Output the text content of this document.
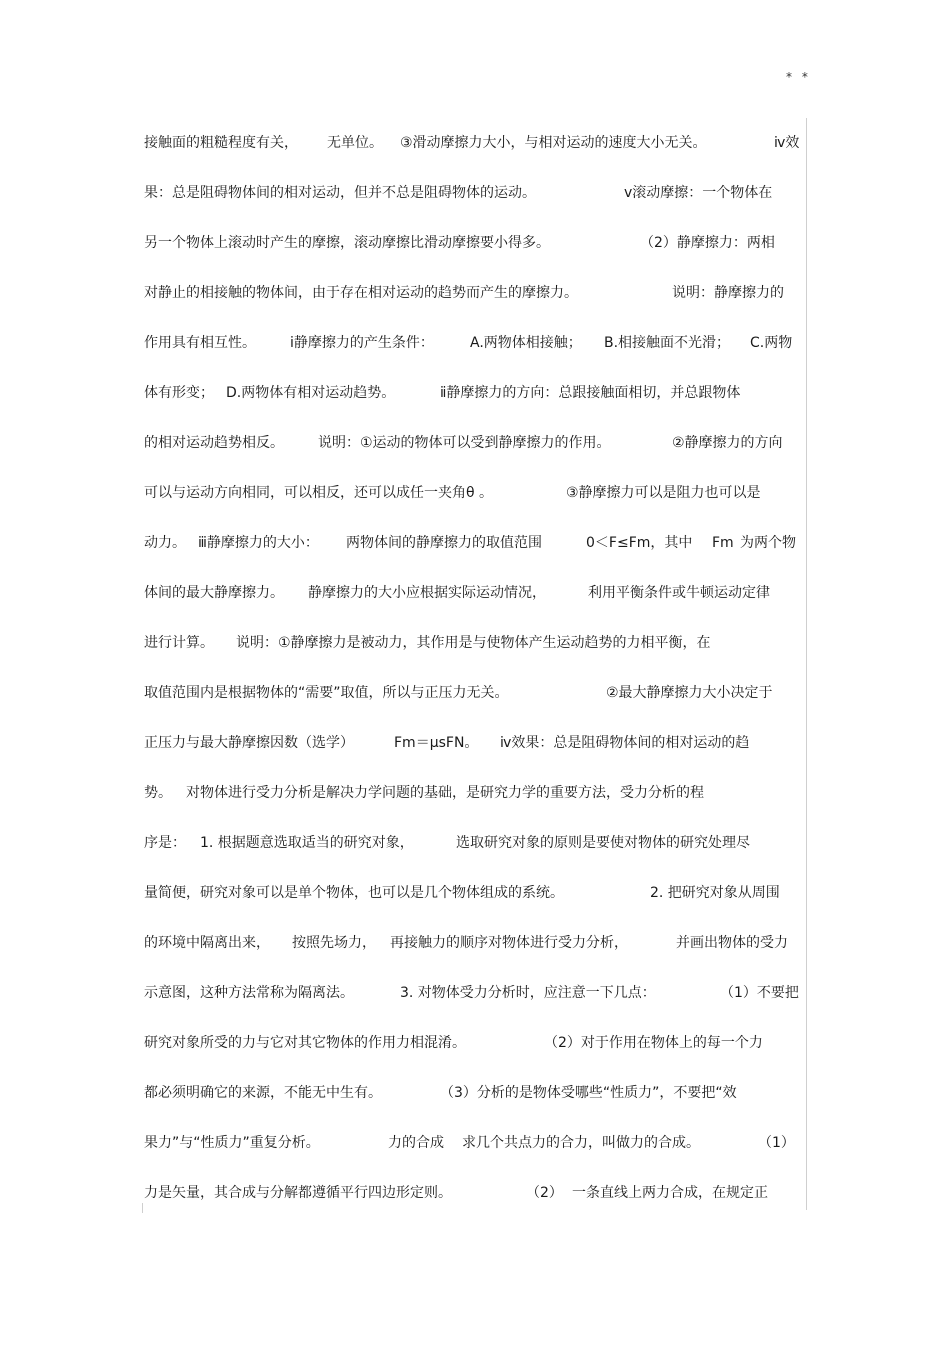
* *
接触面的粗糙程度有关， 无单位。 ③滑动摩擦力大小，与相对运动的速度大小无关。	ⅳ效
果：总是阻碍物体间的相对运动，但并不总是阻碍物体的运动。	ⅴ滚动摩擦：一个物体在
另一个物体上滚动时产生的摩擦，滚动摩擦比滑动摩擦要小得多。	（2）静摩擦力：两相
对静止的相接触的物体间，由于存在相对运动的趋势而产生的摩擦力。	说明：静摩擦力的
作用具有相互性。 ⅰ静摩擦力的产生条件：	A.两物体相接触； B.相接触面不光滑； C.两物
体有形变； D.两物体有相对运动趋势。	ⅱ静摩擦力的方向：总跟接触面相切，并总跟物体
的相对运动趋势相反。 说明：①运动的物体可以受到静摩擦力的作用。	②静摩擦力的方向
可以与运动方向相同，可以相反，还可以成任一夹角θ 。	③静摩擦力可以是阻力也可以是
动力。 ⅲ静摩擦力的大小： 两物体间的静摩擦力的取值范围	0＜F≤Fm，其中 Fm 为两个物
体间的最大静摩擦力。 静摩擦力的大小应根据实际运动情况，	利用平衡条件或牛顿运动定律
进行计算。 说明：①静摩擦力是被动力，其作用是与使物体产生运动趋势的力相平衡，在
取值范围内是根据物体的“需要”取值，所以与正压力无关。	②最大静摩擦力大小决定于
正压力与最大静摩擦因数（选学）	Fm＝μsFN。 ⅳ效果：总是阻碍物体间的相对运动的趋
势。 对物体进行受力分析是解决力学问题的基础，是研究力学的重要方法，受力分析的程
序是： 1. 根据题意选取适当的研究对象，	选取研究对象的原则是要使对物体的研究处理尽
量简便，研究对象可以是单个物体，也可以是几个物体组成的系统。	2. 把研究对象从周围
的环境中隔离出来， 按照先场力， 再接触力的顺序对物体进行受力分析，	并画出物体的受力
示意图，这种方法常称为隔离法。	3. 对物体受力分析时，应注意一下几点：	（1）不要把
研究对象所受的力与它对其它物体的作用力相混淆。	（2）对于作用在物体上的每一个力
都必须明确它的来源，不能无中生有。	（3）分析的是物体受哪些“性质力”，不要把“效
果力”与“性质力”重复分析。	力的合成 求几个共点力的合力，叫做力的合成。	（1）
力是矢量，其合成与分解都遵循平行四边形定则。	（2） 一条直线上两力合成，在规定正
